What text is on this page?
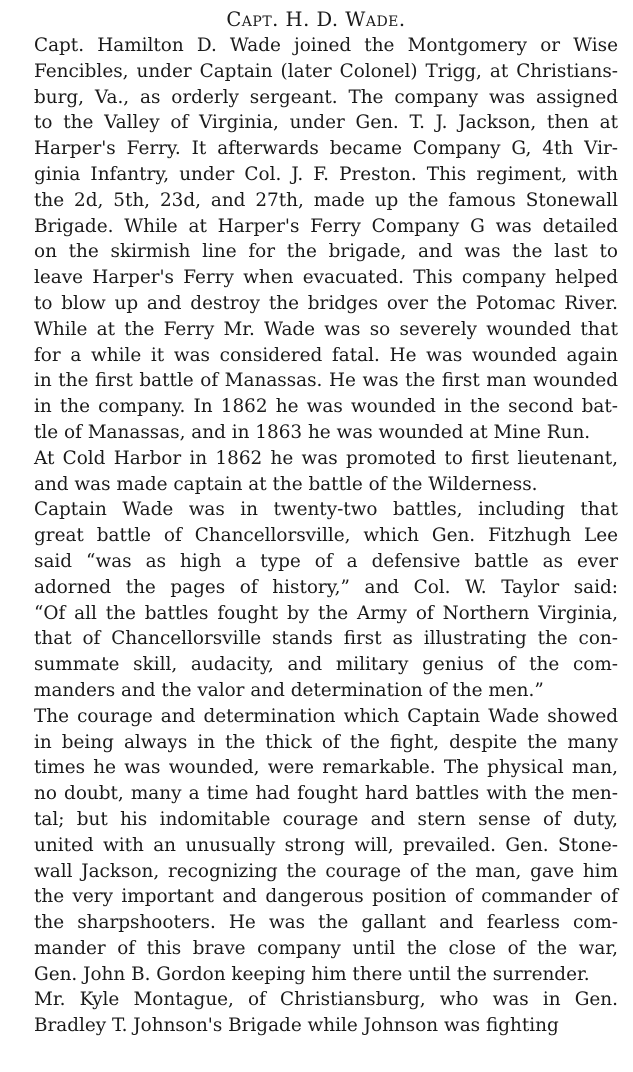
Capt. H. D. Wade.

Capt. Hamilton D. Wade joined the Montgomery or Wise
Fencibles, under Captain (later Colonel) Trigg, at Christians-
burg, Va., as orderly sergeant. The company was assigned
to the Valley of Virginia, under Gen. T. J. Jackson, then at
Harper's Ferry. It afterwards became Company G, 4th Vir-
ginia Infantry, under Col. J. F. Preston. This regiment, with
the 2d, 5th, 23d, and 27th, made up the famous Stonewall
Brigade. While at Harper's Ferry Company G was detailed
on the skirmish line for the brigade, and was the last to
leave Harper's Ferry when evacuated. This company helped
to blow up and destroy the bridges over the Potomac River.
While at the Ferry Mr. Wade was so severely wounded that
for a while it was considered fatal. He was wounded again
in the first battle of Manassas. He was the first man wounded
in the company. In 1862 he was wounded in the second bat-
tle of Manassas, and in 1863 he was wounded at Mine Run.

At Cold Harbor in 1862 he was promoted to first lieutenant,
and was made captain at the battle of the Wilderness.

Captain Wade was in twenty-two battles, including that
great battle of Chancellorsville, which Gen. Fitzhugh Lee
said “was as high a type of a defensive battle as ever
adorned the pages of history,” and Col. W. Taylor said:
“Of all the battles fought by the Army of Northern Virginia,
that of Chancellorsville stands first as illustrating the con-
summate skill, audacity, and military genius of the com-
manders and the valor and determination of the men.”

The courage and determination which Captain Wade showed
in being always in the thick of the fight, despite the many
times he was wounded, were remarkable. The physical man,
no doubt, many a time had fought hard battles with the men-
tal; but his indomitable courage and stern sense of duty,
united with an unusually strong will, prevailed. Gen. Stone-
wall Jackson, recognizing the courage of the man, gave him
the very important and dangerous position of commander of
the sharpshooters. He was the gallant and fearless com-
mander of this brave company until the close of the war,
Gen. John B. Gordon keeping him there until the surrender.

Mr. Kyle Montague, of Christiansburg, who was in Gen.
Bradley T. Johnson's Brigade while Johnson was fighting
